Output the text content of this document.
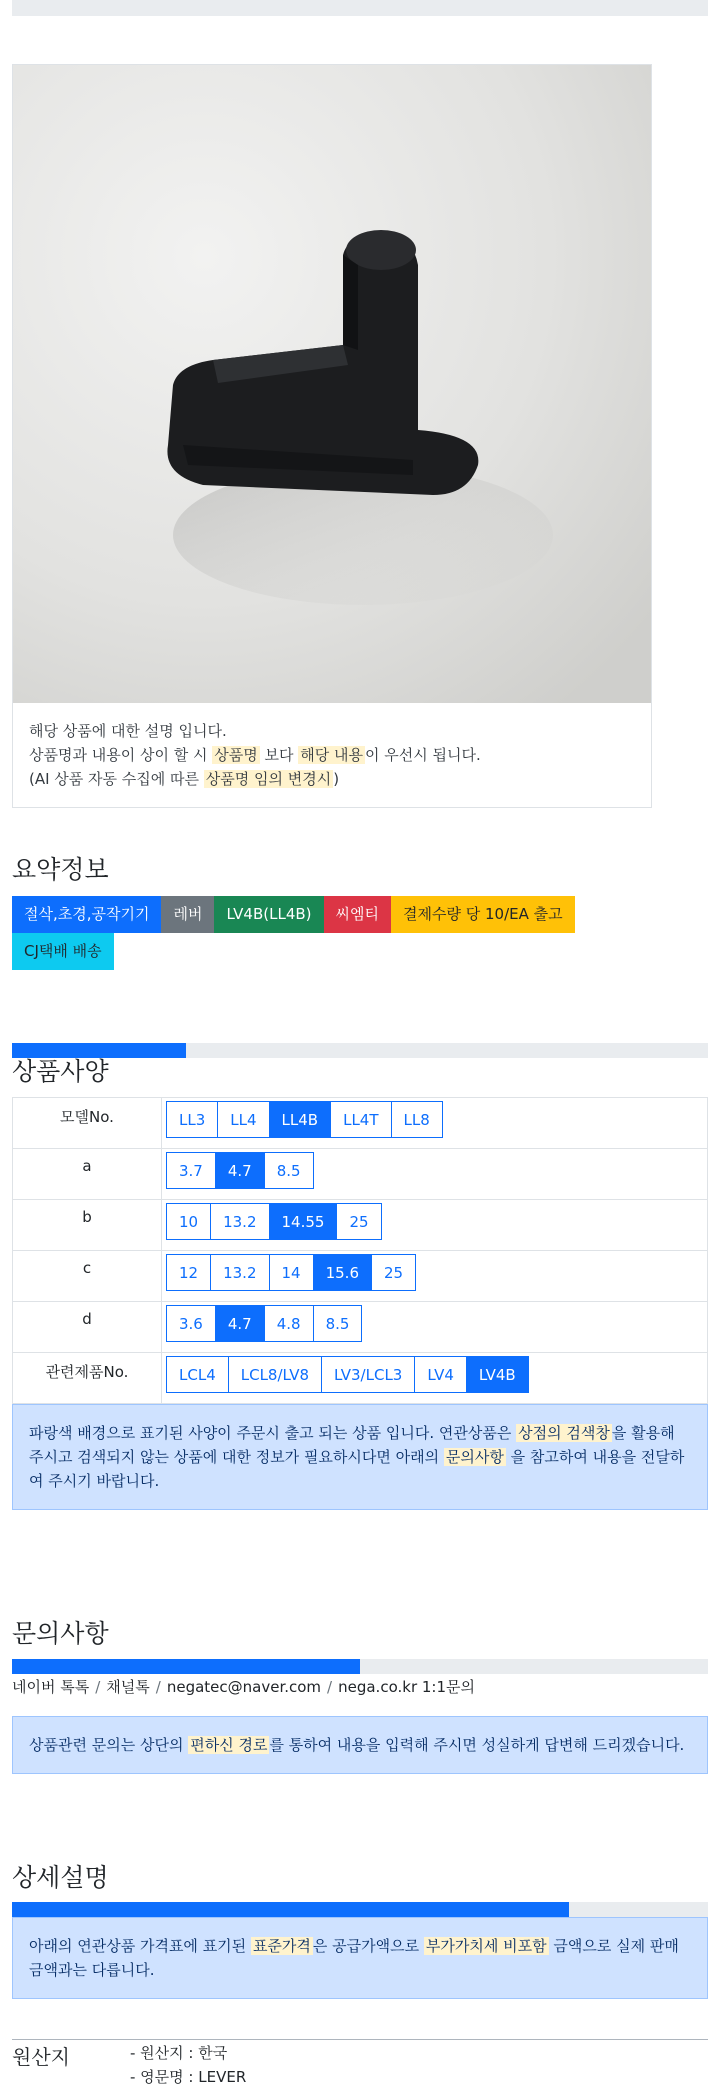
해당 상품에 대한 설명 입니다.
상품명과 내용이 상이 할 시 상품명 보다 해당 내용 이 우선시 됩니다.
(AI 상품 자동 수집에 따른 상품명 임의 변경시 )
요약정보
절삭,초경,공작기기	레버	LV4B(LL4B)	씨엠티	결제수량 당 10/EA 출고
CJ택배 배송
상품사양
모델No.	LL3 LL4 LL4B LL4T LL8

a	3.7 4.7 8.5

b	10 13.2 14.55 25

c	12 13.2 14 15.6 25

d	3.6 4.7 4.8 8.5

관련제품No.	LCL4 LCL8/LV8 LV3/LCL3 LV4 LV4B
파랑색 배경으로 표기된 사양이 주문시 출고 되는 상품 입니다. 연관상품은 상점의 검색창 을 활용해 주시고 검색되지 않는 상품에 대한 정보가 필요하시다면 아래의 문의사항 을 참고하여 내용을 전달하여 주시기 바랍니다.
문의사항
네이버 톡톡 / 채널톡 / negatec@naver.com / nega.co.kr 1:1문의
상품관련 문의는 상단의 편하신 경로 를 통하여 내용을 입력해 주시면 성실하게 답변해 드리겠습니다.
상세설명
아래의 연관상품 가격표에 표기된 표준가격 은 공급가액으로 부가가치세 비포함 금액으로 실제 판매금액과는 다릅니다.
원산지	- 원산지 : 한국
- 영문명 : LEVER
